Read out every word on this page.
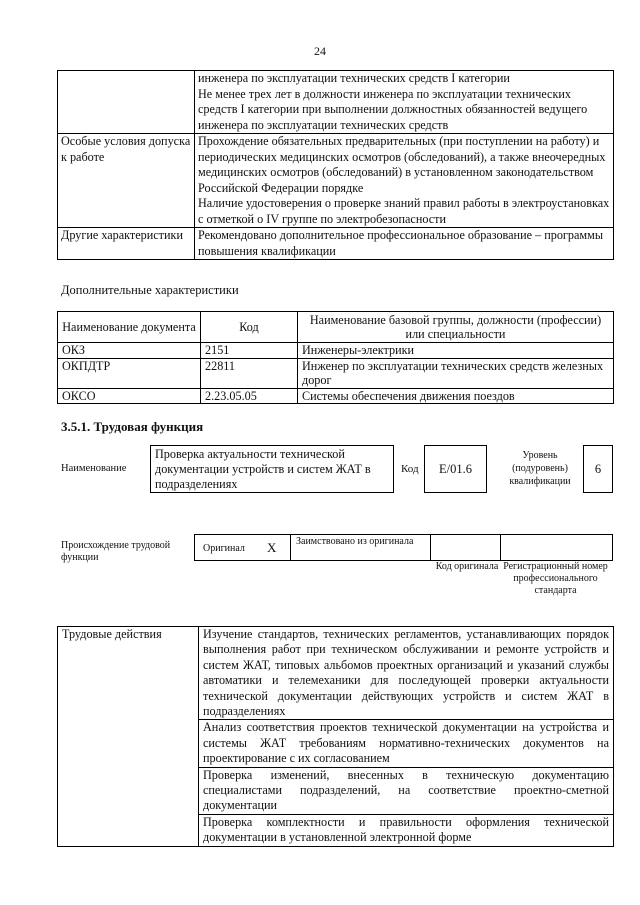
24

	инженера по эксплуатации технических средств I категории
Не менее трех лет в должности инженера по эксплуатации технических средств I категории при выполнении должностных обязанностей ведущего инженера по эксплуатации технических средств

Особые условия допуска к работе	Прохождение обязательных предварительных (при поступлении на работу) и периодических медицинских осмотров (обследований), а также внеочередных медицинских осмотров (обследований) в установленном законодательством Российской Федерации порядке
Наличие удостоверения о проверке знаний правил работы в электроустановках с отметкой о IV группе по электробезопасности

Другие характеристики	Рекомендовано дополнительное профессиональное образование – программы повышения квалификации
Дополнительные характеристики
Наименование документа	Код	Наименование базовой группы, должности (профессии) или специальности
ОКЗ	2151	Инженеры-электрики
ОКПДТР	22811	Инженер по эксплуатации технических средств железных дорог
ОКСО	2.23.05.05	Системы обеспечения движения поездов
3.5.1. Трудовая функция
Наименование
Проверка актуальности технической документации устройств и систем ЖАТ в подразделениях
Код	E/01.6
Уровень (подуровень) квалификации
6
Происхождение трудовой функции
Оригинал X	Заимствовано из оригинала
Код оригинала Регистрационный номер профессионального стандарта
Трудовые действия	Изучение стандартов, технических регламентов, устанавливающих порядок выполнения работ при техническом обслуживании и ремонте устройств и систем ЖАТ, типовых альбомов проектных организаций и указаний службы автоматики и телемеханики для последующей проверки актуальности технической документации действующих устройств и систем ЖАТ в подразделениях
Анализ соответствия проектов технической документации на устройства и системы ЖАТ требованиям нормативно-технических документов на проектирование с их согласованием
Проверка изменений, внесенных в техническую документацию специалистами подразделений, на соответствие проектно-сметной документации
Проверка комплектности и правильности оформления технической документации в установленной электронной форме
